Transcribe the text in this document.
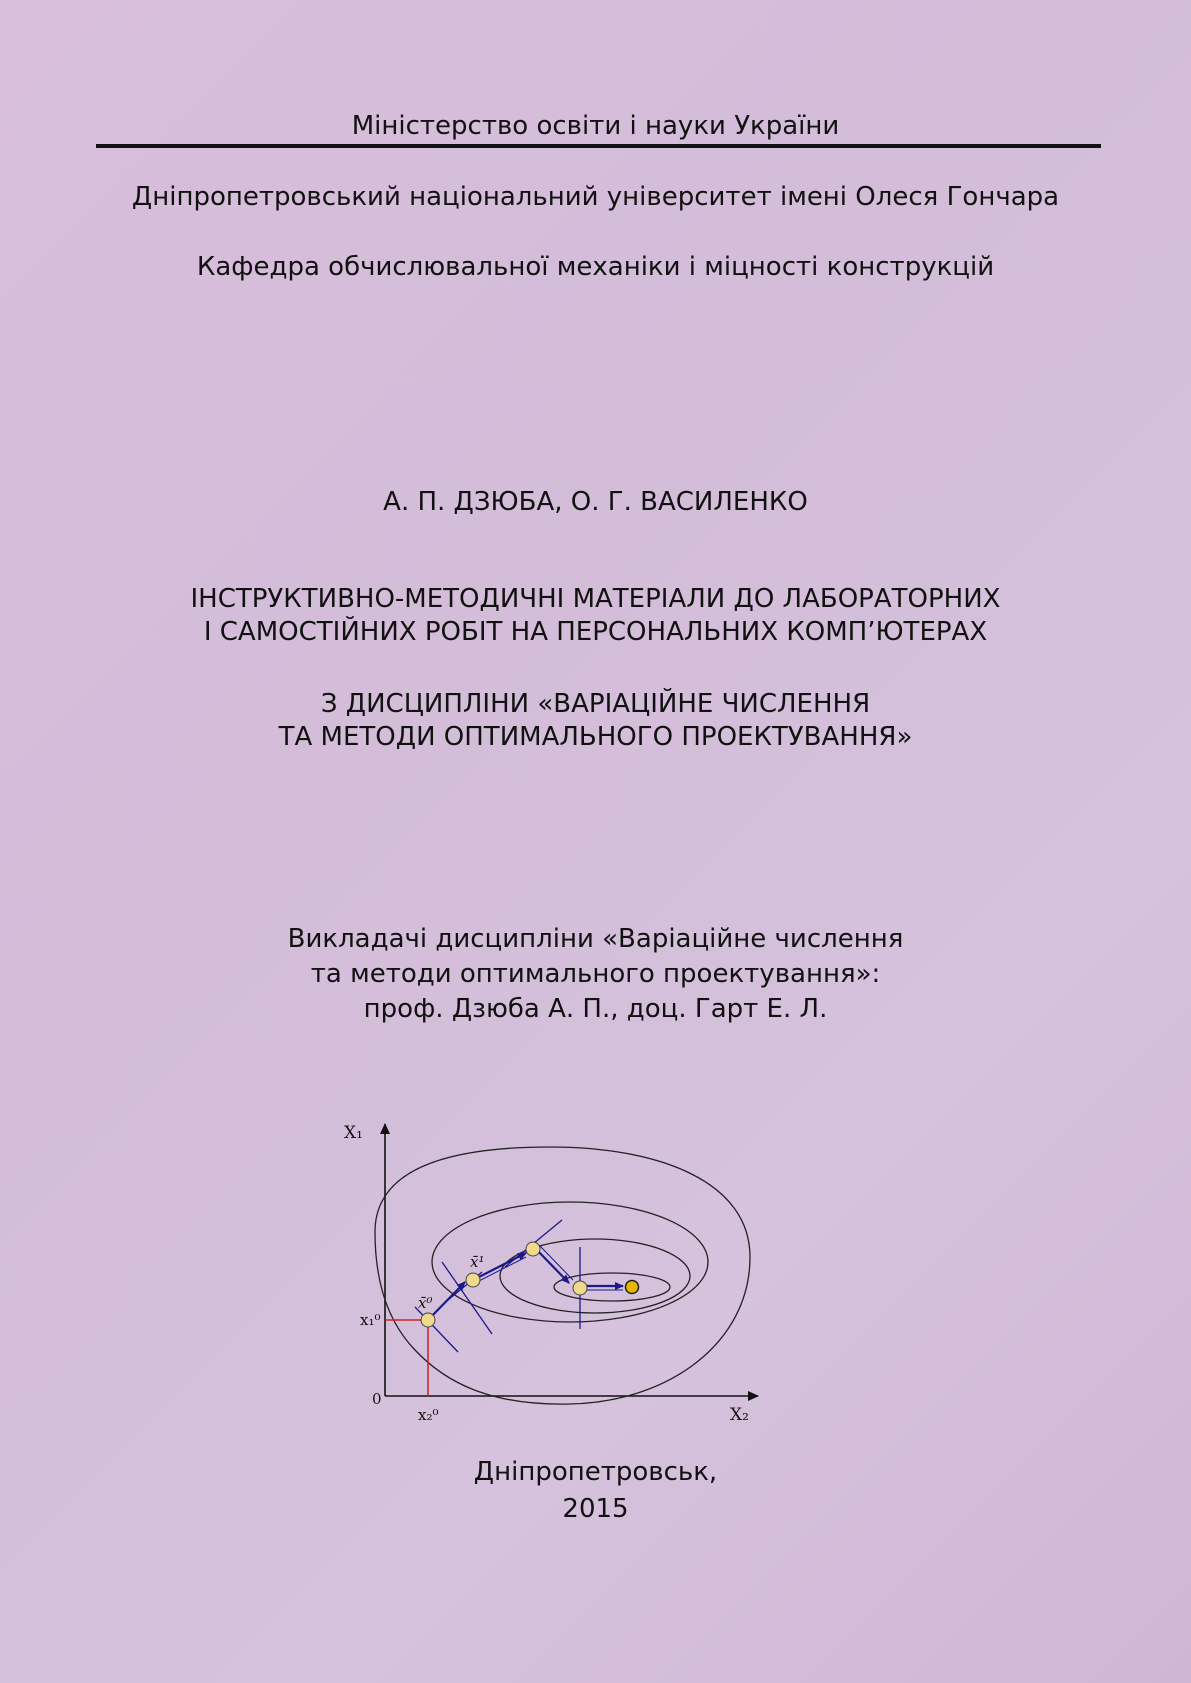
Міністерство освіти і науки України
Дніпропетровський національний університет імені Олеся Гончара
Кафедра обчислювальної механіки і міцності конструкцій
А. П. ДЗЮБА, О. Г. ВАСИЛЕНКО
ІНСТРУКТИВНО-МЕТОДИЧНІ МАТЕРІАЛИ ДО ЛАБОРАТОРНИХ
І САМОСТІЙНИХ РОБІТ НА ПЕРСОНАЛЬНИХ КОМП’ЮТЕРАХ
З ДИСЦИПЛІНИ «ВАРІАЦІЙНЕ ЧИСЛЕННЯ
ТА МЕТОДИ ОПТИМАЛЬНОГО ПРОЕКТУВАННЯ»
Викладачі дисципліни «Варіаційне числення
та методи оптимального проектування»:
проф. Дзюба А. П., доц. Гарт Е. Л.
X₁
X₂
0
x₁⁰
x₂⁰
x̄⁰
x̄¹
Дніпропетровськ,
2015
